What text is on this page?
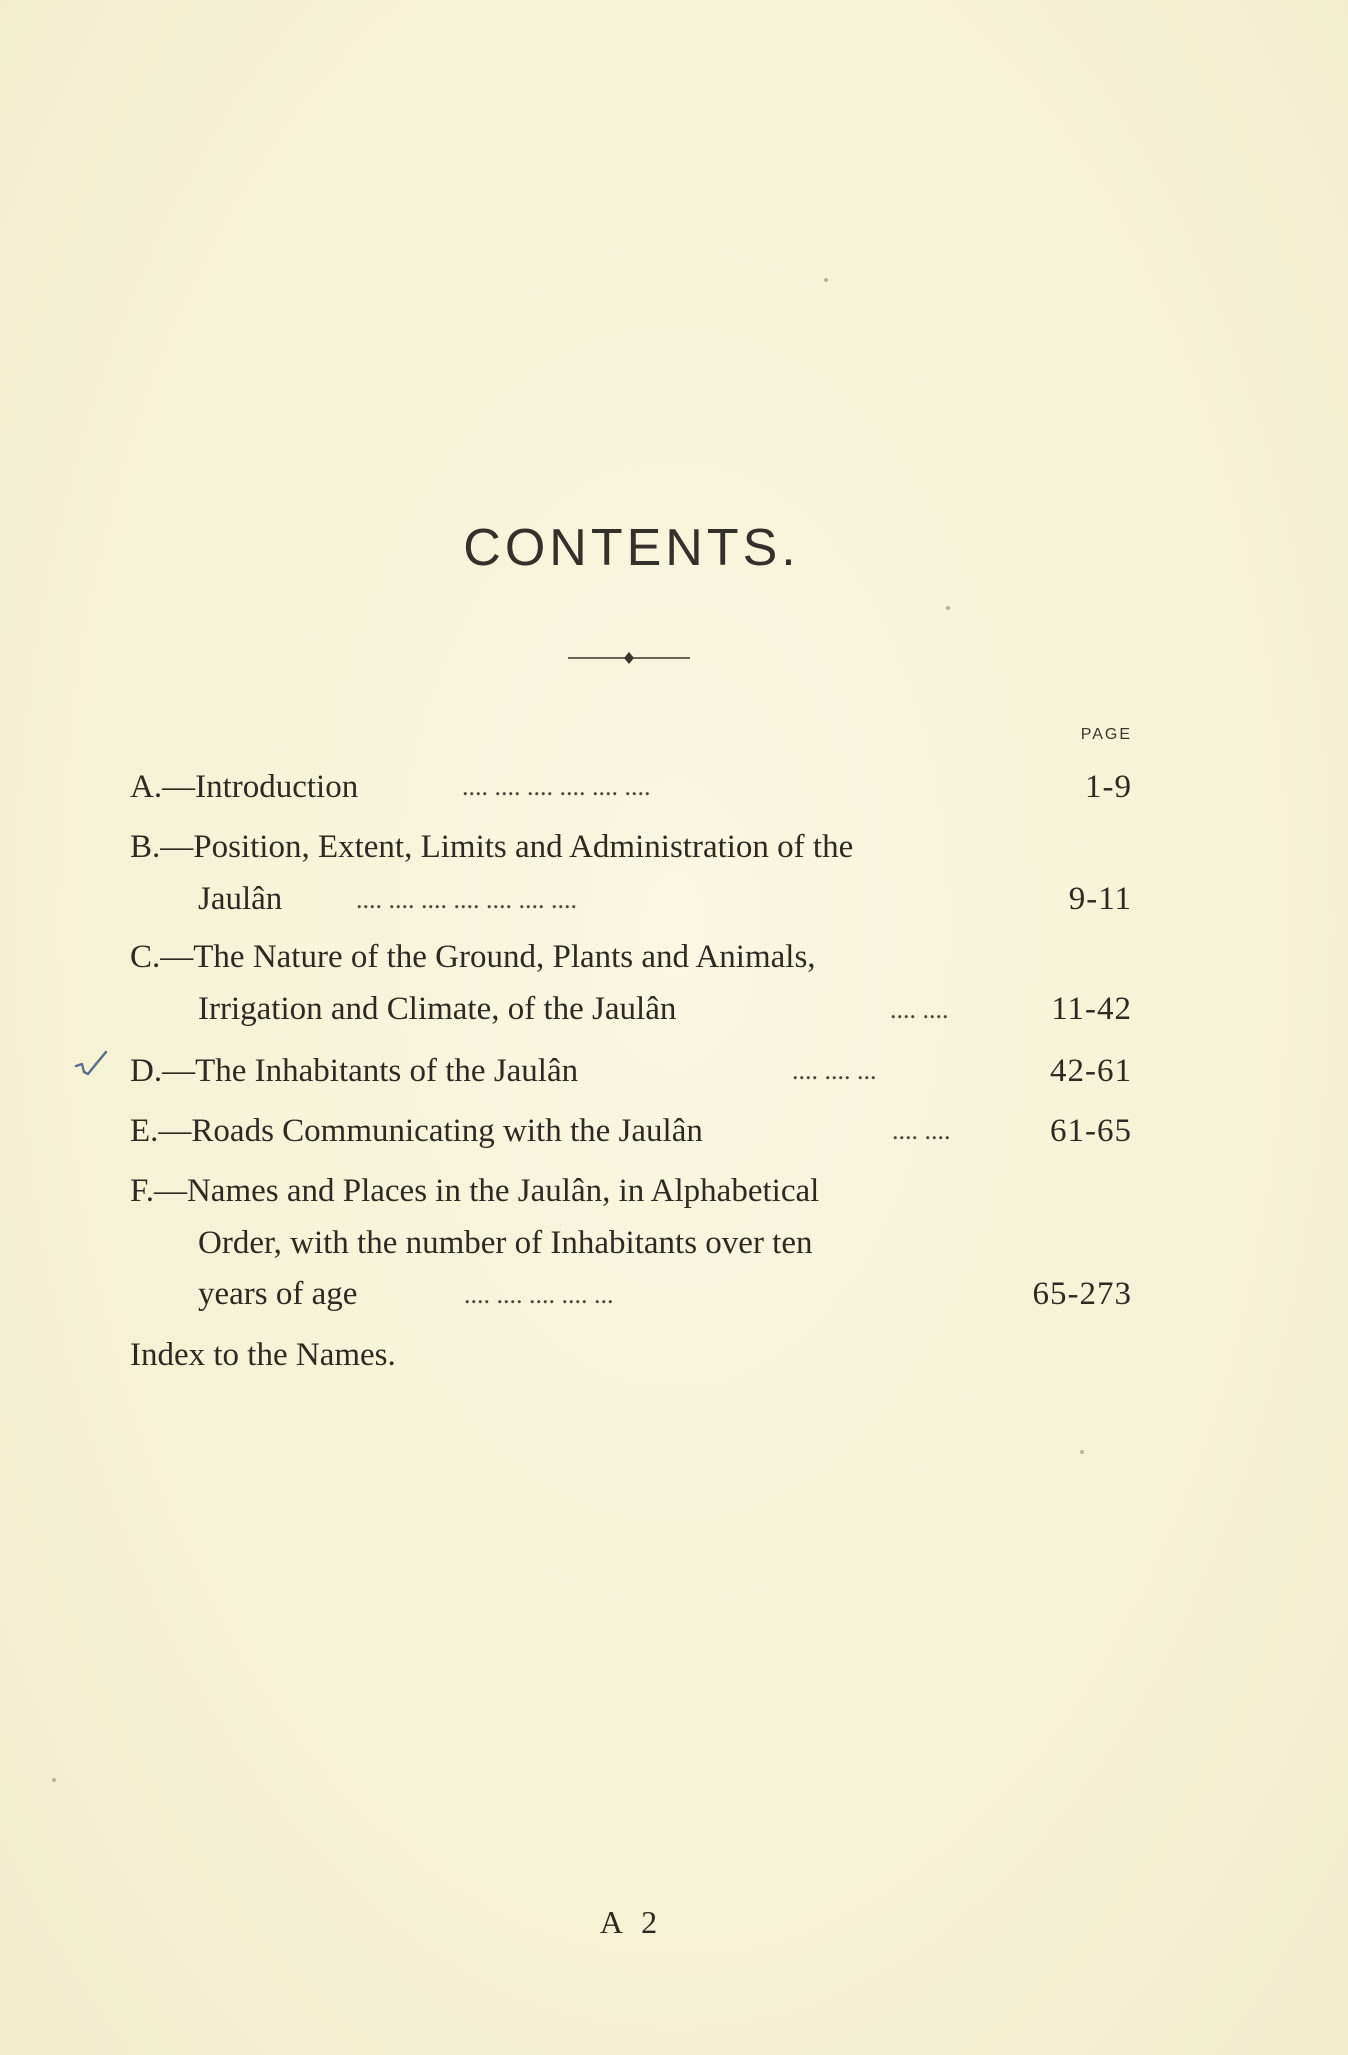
CONTENTS.
PAGE
A.—Introduction	.... .... .... .... .... ....	1-9
B.—Position, Extent, Limits and Administration of the
Jaulân	.... .... .... .... .... .... ....	9-11
C.—The Nature of the Ground, Plants and Animals,
Irrigation and Climate, of the Jaulân	.... ....	11-42
D.—The Inhabitants of the Jaulân	.... .... ...	42-61
E.—Roads Communicating with the Jaulân	.... ....	61-65
F.—Names and Places in the Jaulân, in Alphabetical
Order, with the number of Inhabitants over ten
years of age	.... .... .... .... ...	65-273
Index to the Names.
A 2
